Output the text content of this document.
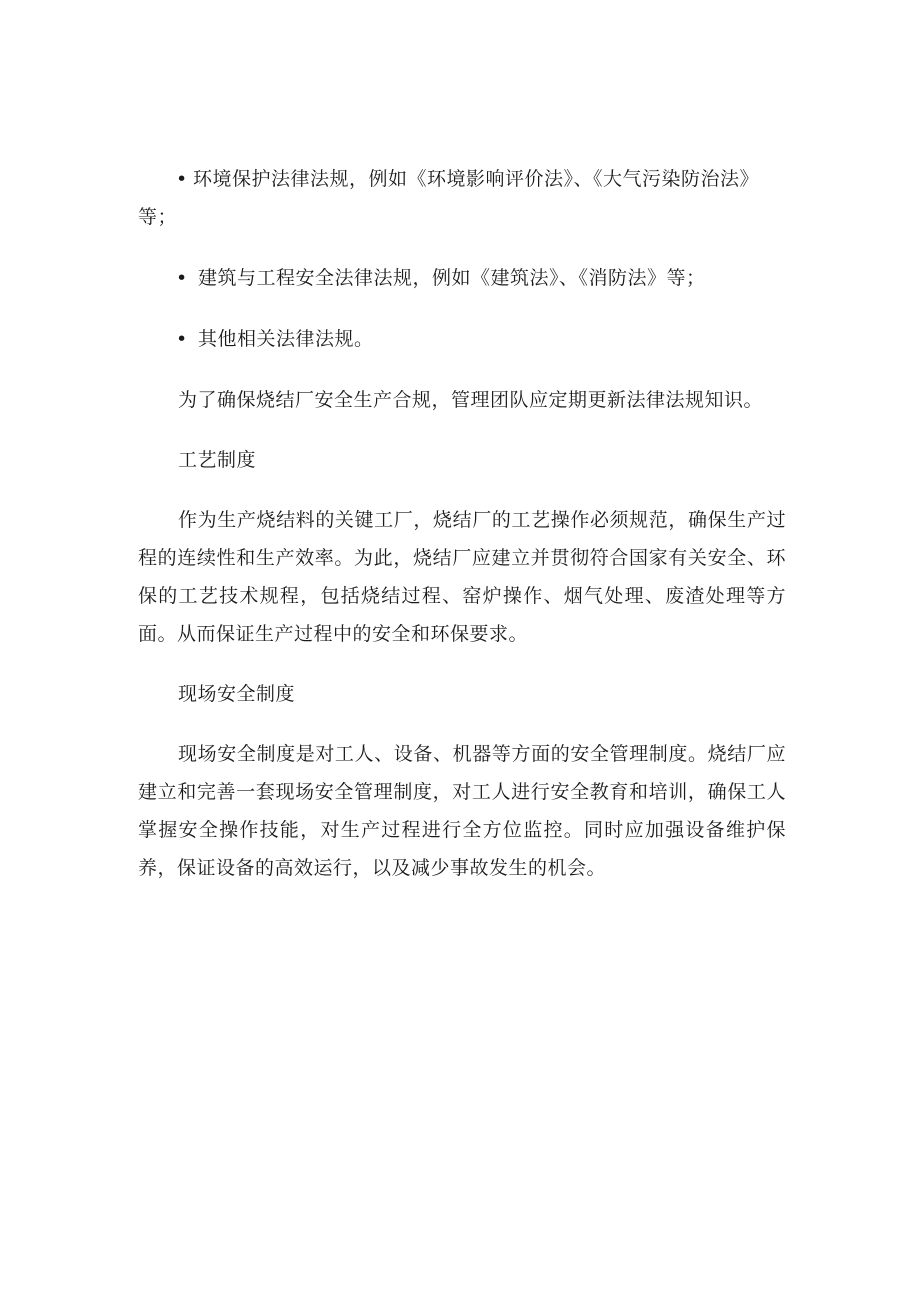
• 环境保护法律法规，例如《环境影响评价法》、《大气污染防治法》等；
• 建筑与工程安全法律法规，例如《建筑法》、《消防法》等；
• 其他相关法律法规。

为了确保烧结厂安全生产合规，管理团队应定期更新法律法规知识。

工艺制度

作为生产烧结料的关键工厂，烧结厂的工艺操作必须规范，确保生产过程的连续性和生产效率。为此，烧结厂应建立并贯彻符合国家有关安全、环保的工艺技术规程，包括烧结过程、窑炉操作、烟气处理、废渣处理等方面。从而保证生产过程中的安全和环保要求。

现场安全制度

现场安全制度是对工人、设备、机器等方面的安全管理制度。烧结厂应建立和完善一套现场安全管理制度，对工人进行安全教育和培训，确保工人掌握安全操作技能，对生产过程进行全方位监控。同时应加强设备维护保养，保证设备的高效运行，以及减少事故发生的机会。
